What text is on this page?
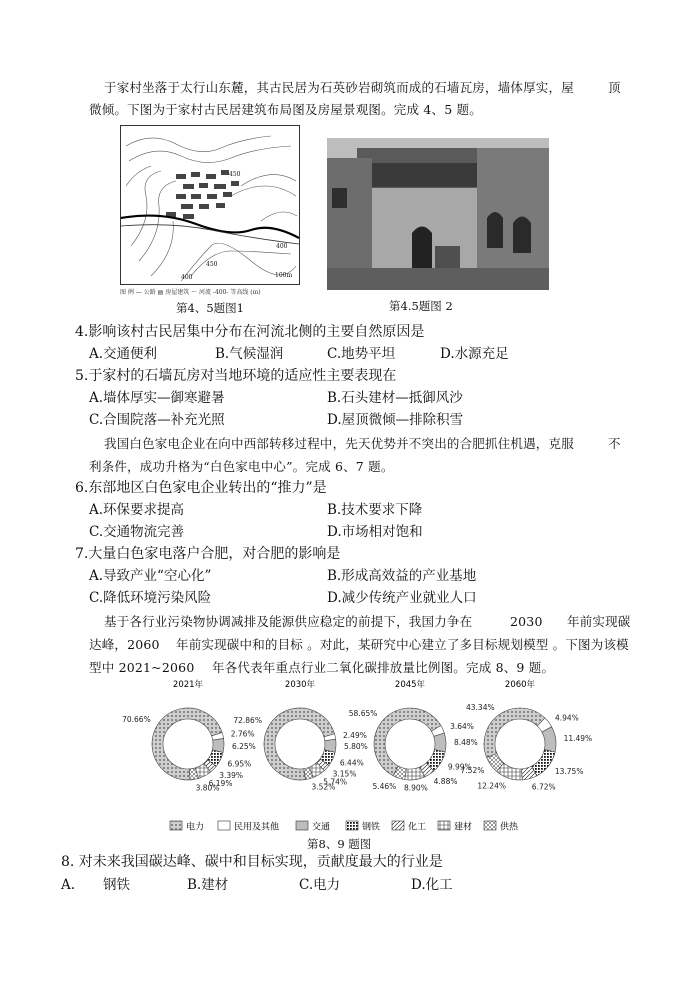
于家村坐落于太行山东麓，其古民居为石英砂岩砌筑而成的石墙瓦房，墙体厚实，屋	顶
微倾。下图为于家村古民居建筑布局图及房屋景观图。完成 4、5 题。
450
400
450
400	100m
图 例 — 公路 ▤ 房屋建筑 ～ 河流 -400- 等高线 (m)
第4、5题图1	第4.5题图 2
4.影响该村古民居集中分布在河流北侧的主要自然原因是
A.交通便利	B.气候湿润	C.地势平坦	D.水源充足
5.于家村的石墙瓦房对当地环境的适应性主要表现在
A.墙体厚实—御寒避暑	B.石头建材—抵御风沙
C.合围院落—补充光照	D.屋顶微倾—排除积雪
我国白色家电企业在向中西部转移过程中，先天优势并不突出的合肥抓住机遇，克服	不
利条件，成功升格为“白色家电中心”。完成 6、7 题。
6.东部地区白色家电企业转出的“推力”是
A.环保要求提高	B.技术要求下降
C.交通物流完善	D.市场相对饱和
7.大量白色家电落户合肥，对合肥的影响是
A.导致产业“空心化”	B.形成高效益的产业基地
C.降低环境污染风险	D.减少传统产业就业人口
基于各行业污染物协调减排及能源供应稳定的前提下，我国力争在	2030 年前实现碳
达峰，2060 年前实现碳中和的目标 。对此，某研究中心建立了多目标规划模型 。下图为该模
型中 2021~2060 年各代表年重点行业二氧化碳排放量比例图。完成 8、9 题。
2021年
70.66%
2.76%
6.25%
6.95%
3.39%
6.19%
3.80%
2030年
72.86%
2.49%
5.80%
6.44%
3.15%
5.74%
3.52%
2045年
58.65%
3.64%
8.48%
9.99%
4.88%
8.90%
5.46%
2060年
43.34%
4.94%
11.49%
13.75%
6.72%
12.24%
7.52%
电力	民用及其他	交通	钢铁	化工	建材	供热
第8、9 题图
8. 对未来我国碳达峰、碳中和目标实现，贡献度最大的行业是
A. 钢铁	B.建材	C.电力	D.化工
